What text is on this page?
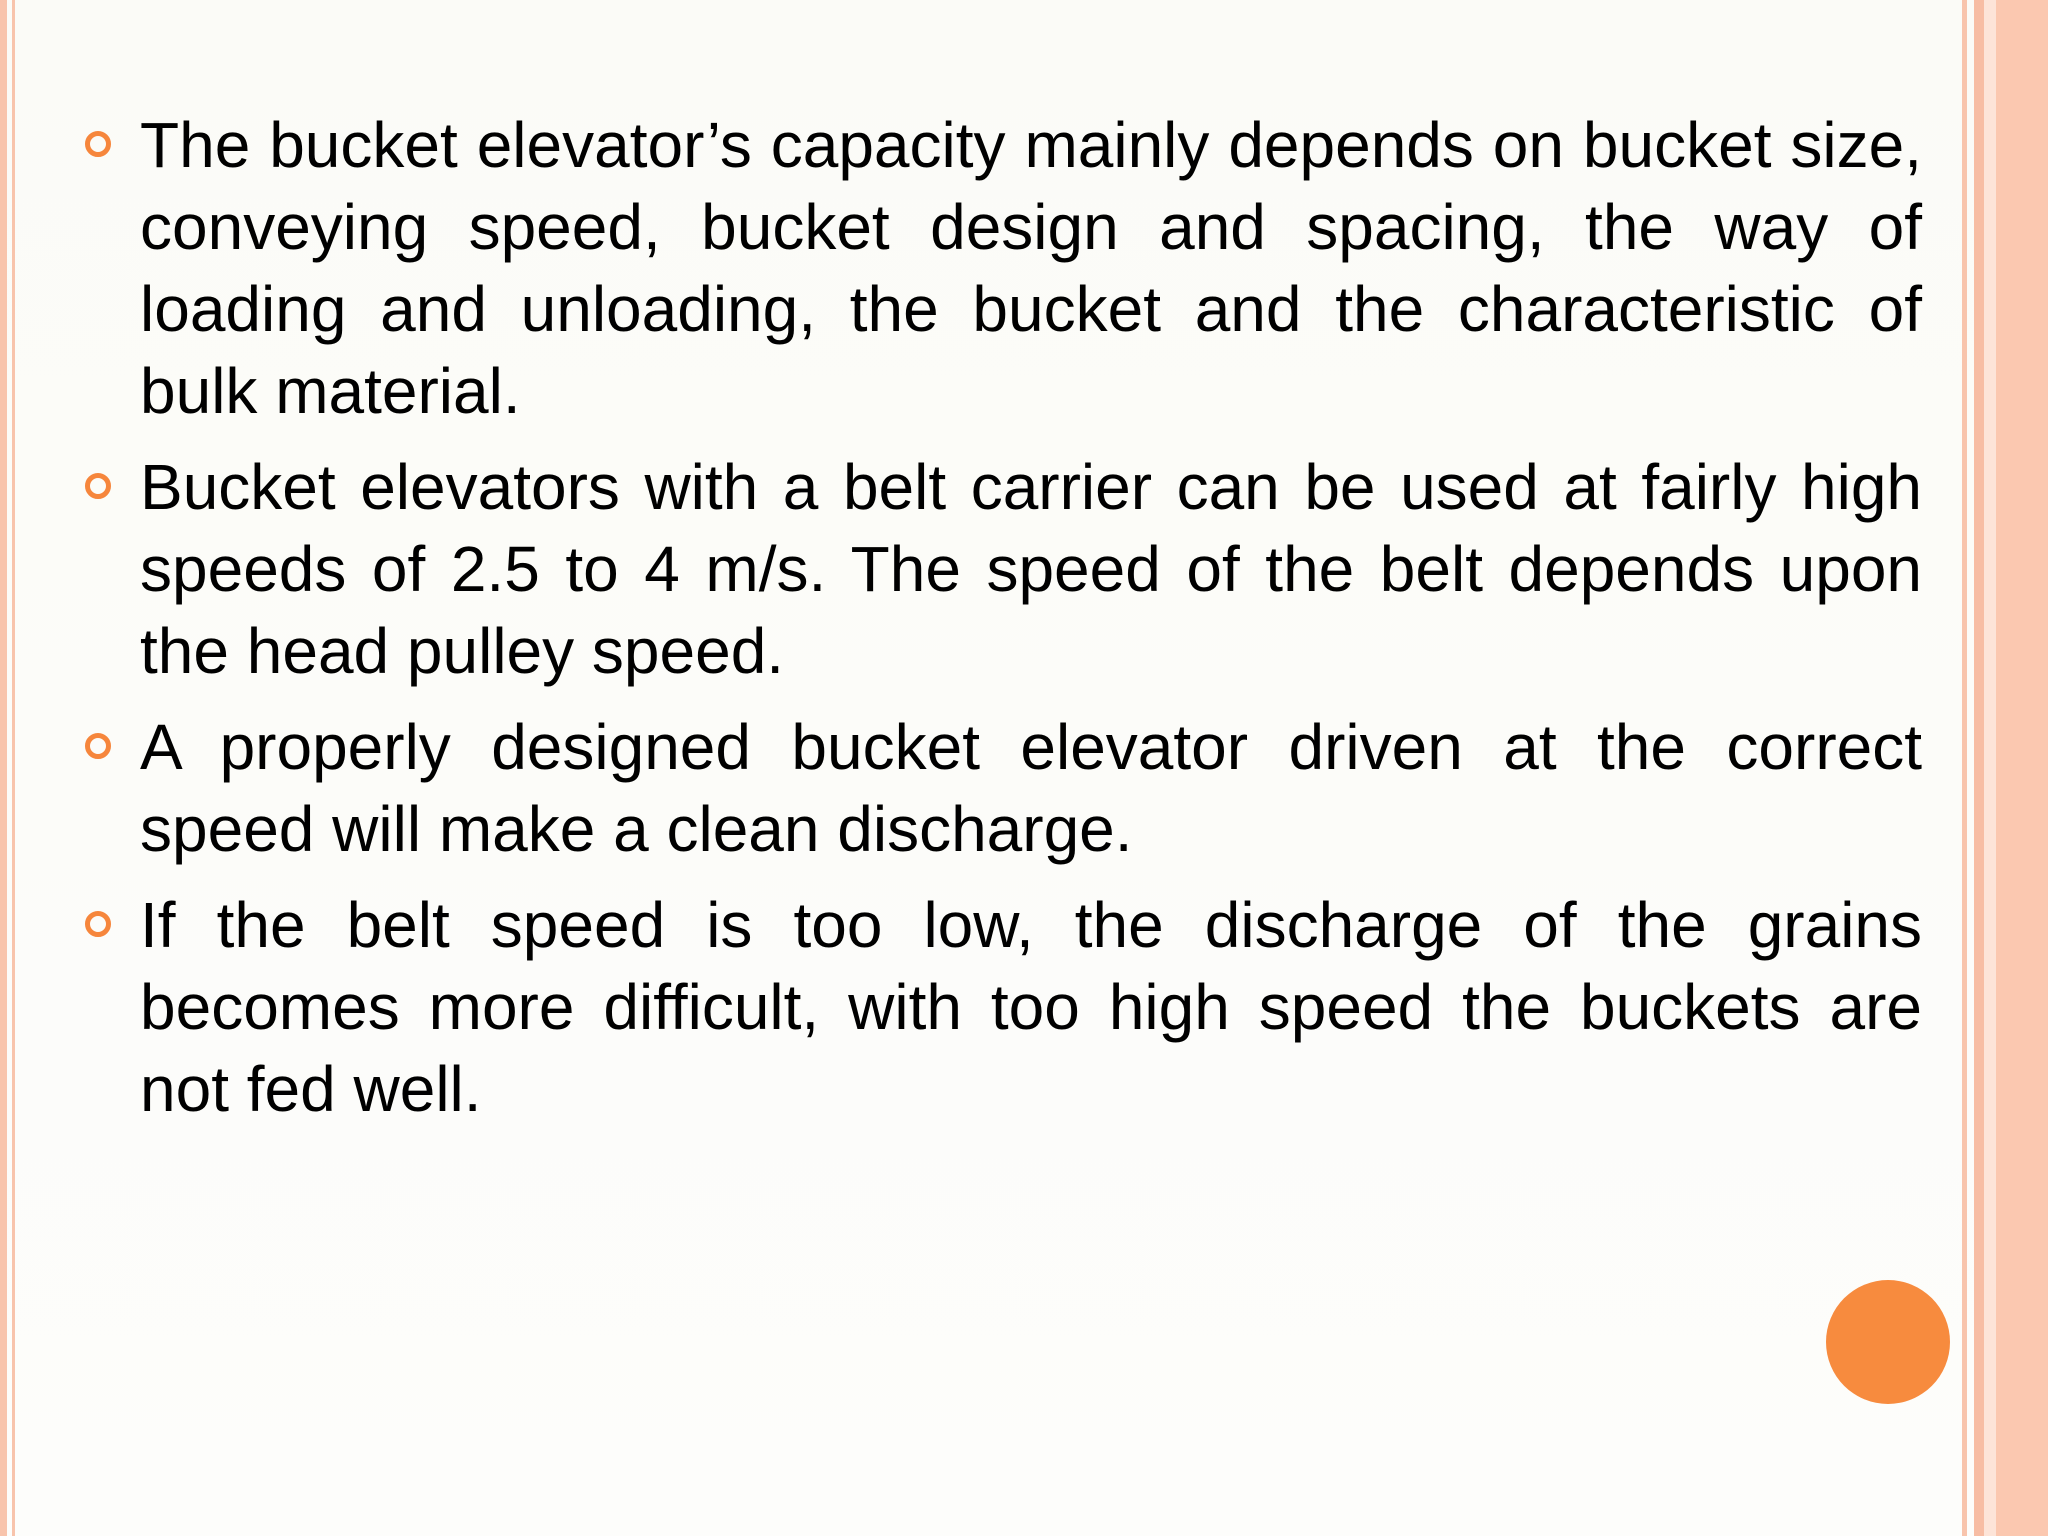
The bucket elevator’s capacity mainly depends on bucket size, conveying speed, bucket design and spacing, the way of loading and unloading, the bucket and the characteristic of bulk material.
Bucket elevators with a belt carrier can be used at fairly high speeds of 2.5 to 4 m/s. The speed of the belt depends upon the head pulley speed.
A properly designed bucket elevator driven at the correct speed will make a clean discharge.
If the belt speed is too low, the discharge of the grains becomes more difficult, with too high speed the buckets are not fed well.
